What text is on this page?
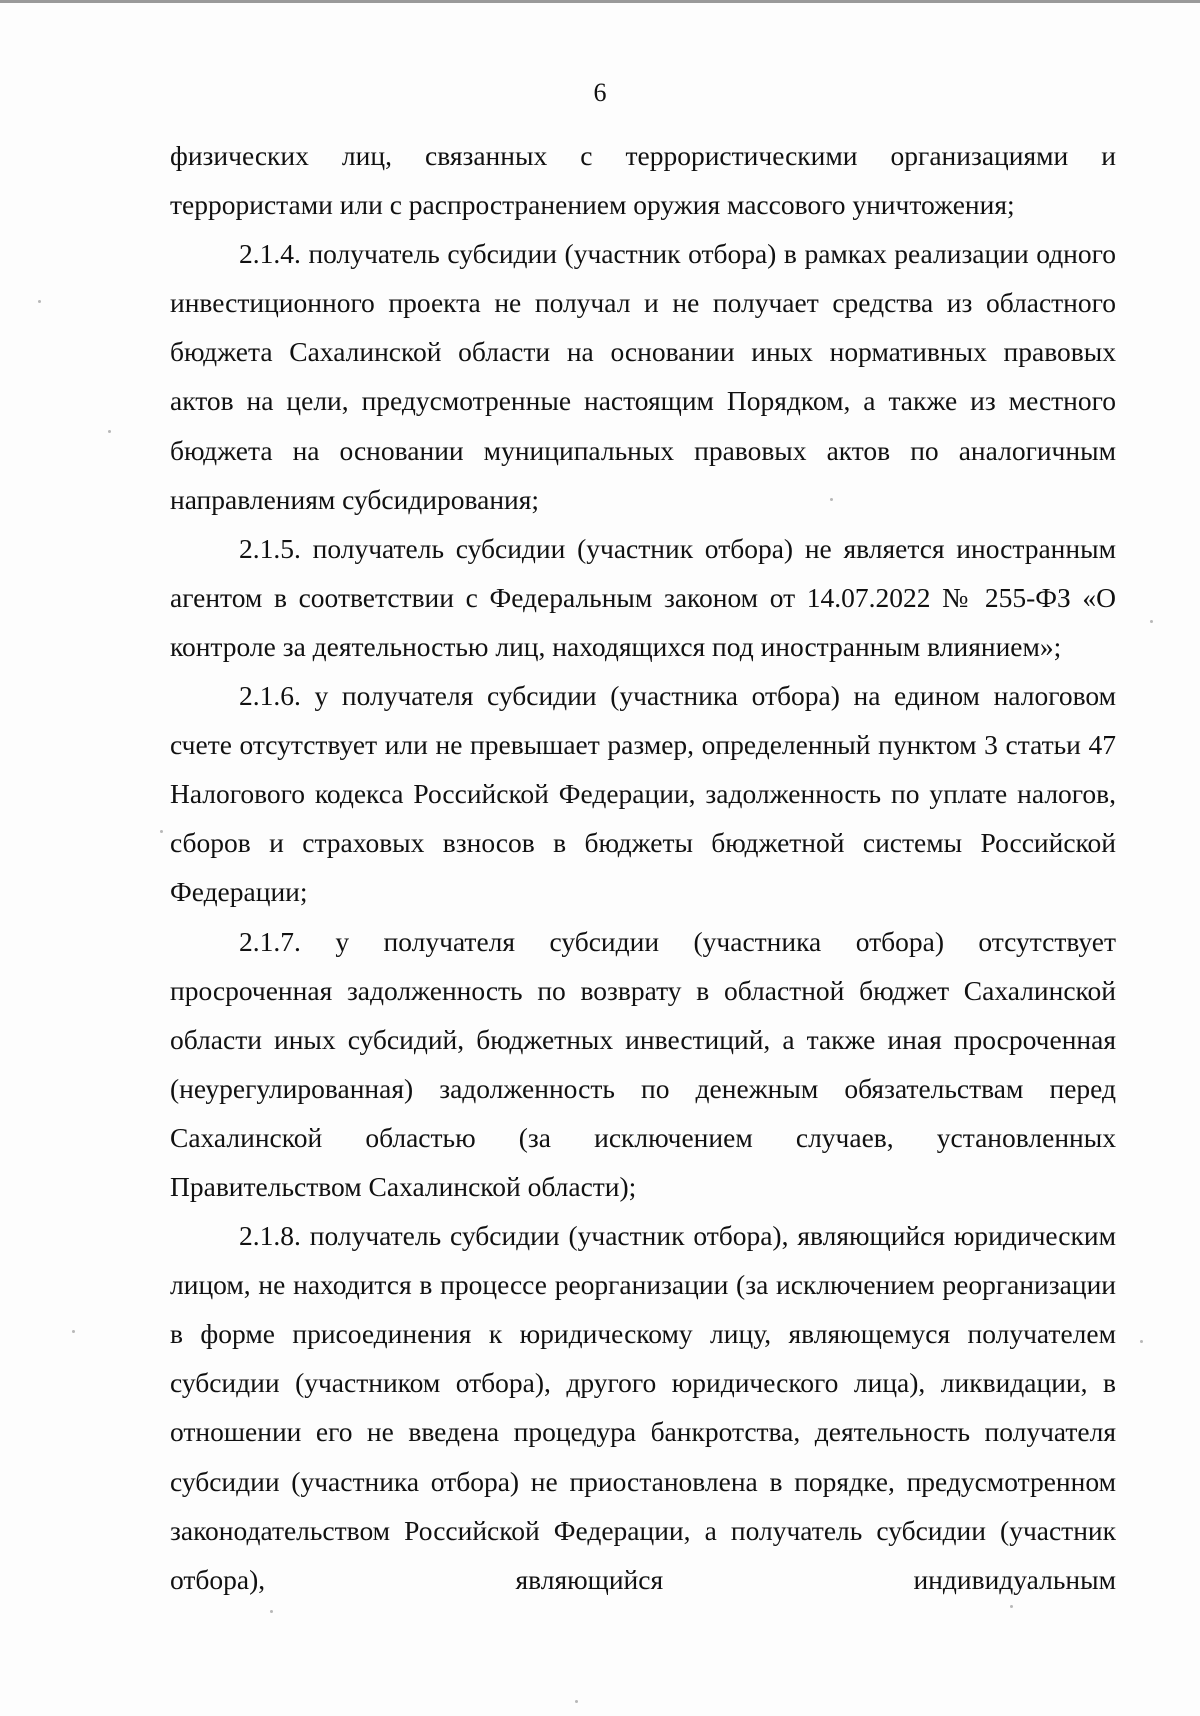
6

физических лиц, связанных с террористическими организациями и террористами или с распространением оружия массового уничтожения;

2.1.4. получатель субсидии (участник отбора) в рамках реализации одного инвестиционного проекта не получал и не получает средства из областного бюджета Сахалинской области на основании иных нормативных правовых актов на цели, предусмотренные настоящим Порядком, а также из местного бюджета на основании муниципальных правовых актов по аналогичным направлениям субсидирования;

2.1.5. получатель субсидии (участник отбора) не является иностранным агентом в соответствии с Федеральным законом от 14.07.2022 № 255-ФЗ «О контроле за деятельностью лиц, находящихся под иностранным влиянием»;

2.1.6. у получателя субсидии (участника отбора) на едином налоговом счете отсутствует или не превышает размер, определенный пунктом 3 статьи 47 Налогового кодекса Российской Федерации, задолженность по уплате налогов, сборов и страховых взносов в бюджеты бюджетной системы Российской Федерации;

2.1.7. у получателя субсидии (участника отбора) отсутствует просроченная задолженность по возврату в областной бюджет Сахалинской области иных субсидий, бюджетных инвестиций, а также иная просроченная (неурегулированная) задолженность по денежным обязательствам перед Сахалинской областью (за исключением случаев, установленных Правительством Сахалинской области);

2.1.8. получатель субсидии (участник отбора), являющийся юридическим лицом, не находится в процессе реорганизации (за исключением реорганизации в форме присоединения к юридическому лицу, являющемуся получателем субсидии (участником отбора), другого юридического лица), ликвидации, в отношении его не введена процедура банкротства, деятельность получателя субсидии (участника отбора) не приостановлена в порядке, предусмотренном законодательством Российской Федерации, а получатель субсидии (участник отбора), являющийся индивидуальным
